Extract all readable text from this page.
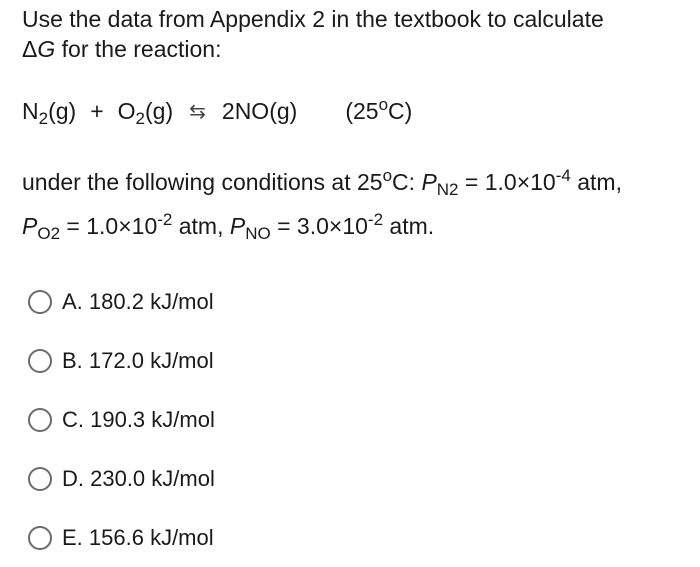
Use the data from Appendix 2 in the textbook to calculate
ΔG for the reaction:
$N_2(g) + O_2(g)$ ⇆ 2NO(g) (25$^o$C)
under the following conditions at 25$^o$C: $P_{N2} = 1.0\times 10^{-4}$ atm,
$P_{O2} = 1.0\times 10^{-2}$ atm, $P_{NO} = 3.0\times 10^{-2}$ atm.
A. 180.2 kJ/mol
B. 172.0 kJ/mol
C. 190.3 kJ/mol
D. 230.0 kJ/mol
E. 156.6 kJ/mol
